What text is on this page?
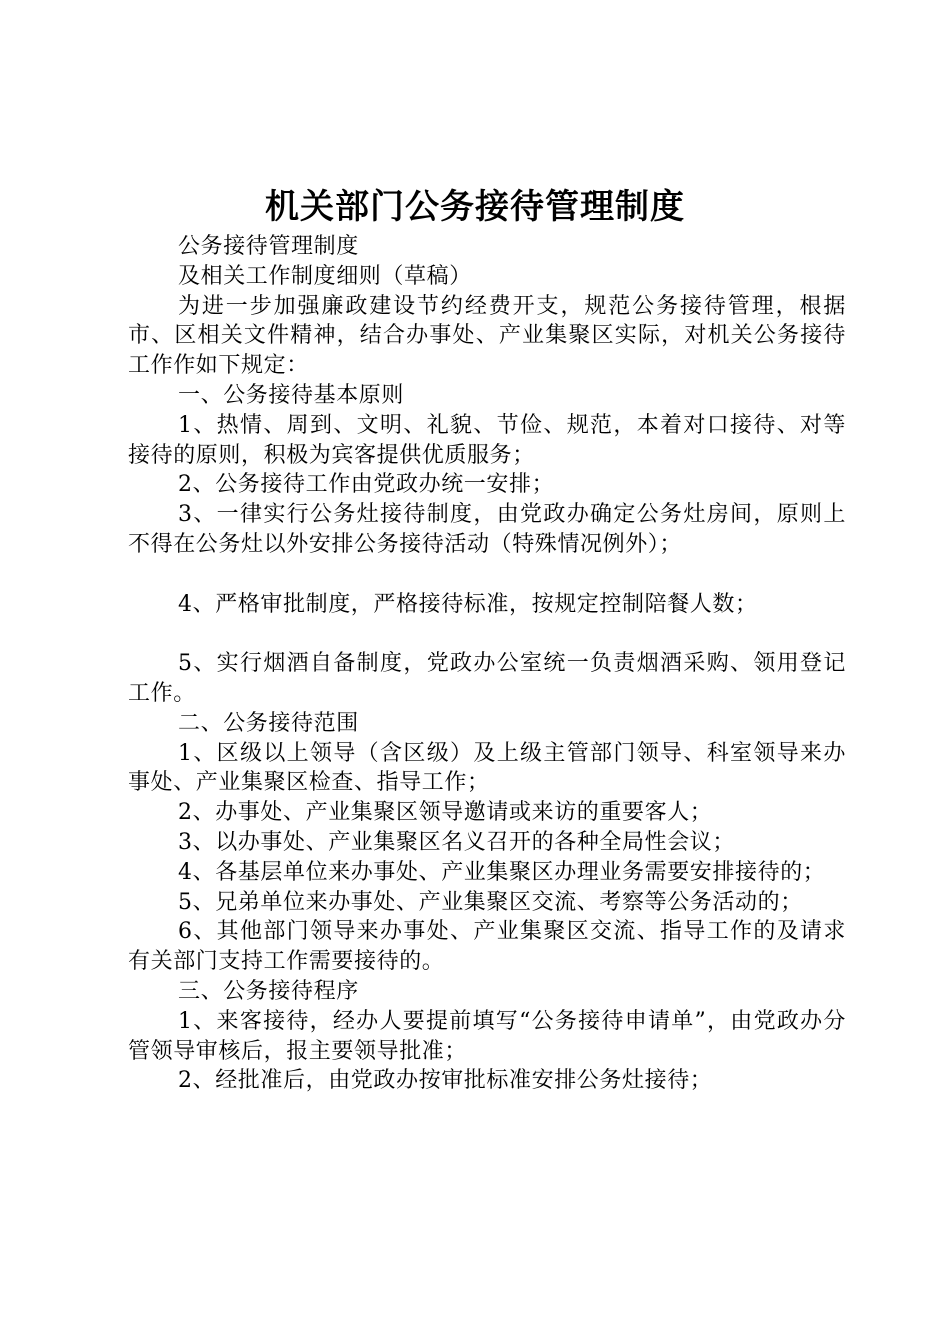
机关部门公务接待管理制度

公务接待管理制度

及相关工作制度细则（草稿）

为进一步加强廉政建设节约经费开支，规范公务接待管理，根据市、区相关文件精神，结合办事处、产业集聚区实际，对机关公务接待工作作如下规定：

一、公务接待基本原则

1、热情、周到、文明、礼貌、节俭、规范，本着对口接待、对等接待的原则，积极为宾客提供优质服务；

2、公务接待工作由党政办统一安排；

3、一律实行公务灶接待制度，由党政办确定公务灶房间，原则上不得在公务灶以外安排公务接待活动（特殊情况例外）；

4、严格审批制度，严格接待标准，按规定控制陪餐人数；

5、实行烟酒自备制度，党政办公室统一负责烟酒采购、领用登记工作。

二、公务接待范围

1、区级以上领导（含区级）及上级主管部门领导、科室领导来办事处、产业集聚区检查、指导工作；

2、办事处、产业集聚区领导邀请或来访的重要客人；

3、以办事处、产业集聚区名义召开的各种全局性会议；

4、各基层单位来办事处、产业集聚区办理业务需要安排接待的；

5、兄弟单位来办事处、产业集聚区交流、考察等公务活动的；

6、其他部门领导来办事处、产业集聚区交流、指导工作的及请求有关部门支持工作需要接待的。

三、公务接待程序

1、来客接待，经办人要提前填写“公务接待申请单”，由党政办分管领导审核后，报主要领导批准；

2、经批准后，由党政办按审批标准安排公务灶接待；
